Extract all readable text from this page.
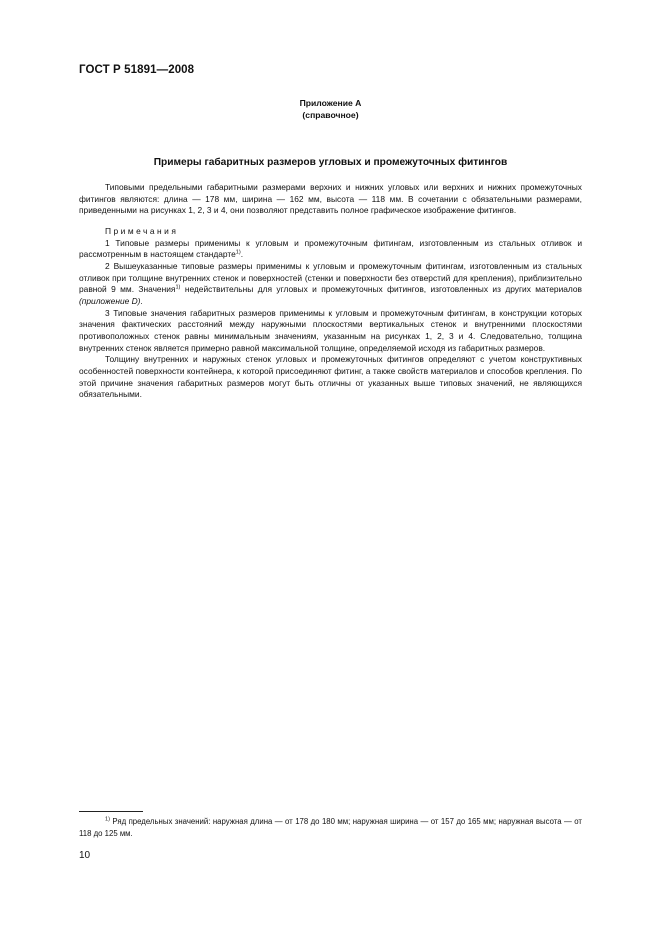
ГОСТ Р 51891—2008
Приложение А
(справочное)
Примеры габаритных размеров угловых и промежуточных фитингов

Типовыми предельными габаритными размерами верхних и нижних угловых или верхних и нижних промежуточных фитингов являются: длина — 178 мм, ширина — 162 мм, высота — 118 мм. В сочетании с обязательными размерами, приведенными на рисунках 1, 2, 3 и 4, они позволяют представить полное графическое изображение фитингов.

Примечания

1 Типовые размеры применимы к угловым и промежуточным фитингам, изготовленным из стальных отливок и рассмотренным в настоящем стандарте$^{1)}$.

2 Вышеуказанные типовые размеры применимы к угловым и промежуточным фитингам, изготовленным из стальных отливок при толщине внутренних стенок и поверхностей (стенки и поверхности без отверстий для крепления), приблизительно равной 9 мм. Значения$^{1)}$ недействительны для угловых и промежуточных фитингов, изготовленных из других материалов (приложение D).

3 Типовые значения габаритных размеров применимы к угловым и промежуточным фитингам, в конструкции которых значения фактических расстояний между наружными плоскостями вертикальных стенок и внутренними плоскостями противоположных стенок равны минимальным значениям, указанным на рисунках 1, 2, 3 и 4. Следовательно, толщина внутренних стенок является примерно равной максимальной толщине, определяемой исходя из габаритных размеров.

Толщину внутренних и наружных стенок угловых и промежуточных фитингов определяют с учетом конструктивных особенностей поверхности контейнера, к которой присоединяют фитинг, а также свойств материалов и способов крепления. По этой причине значения габаритных размеров могут быть отличны от указанных выше типовых значений, не являющихся обязательными.

$^{1)}$ Ряд предельных значений: наружная длина — от 178 до 180 мм; наружная ширина — от 157 до 165 мм; наружная высота — от 118 до 125 мм.
10
